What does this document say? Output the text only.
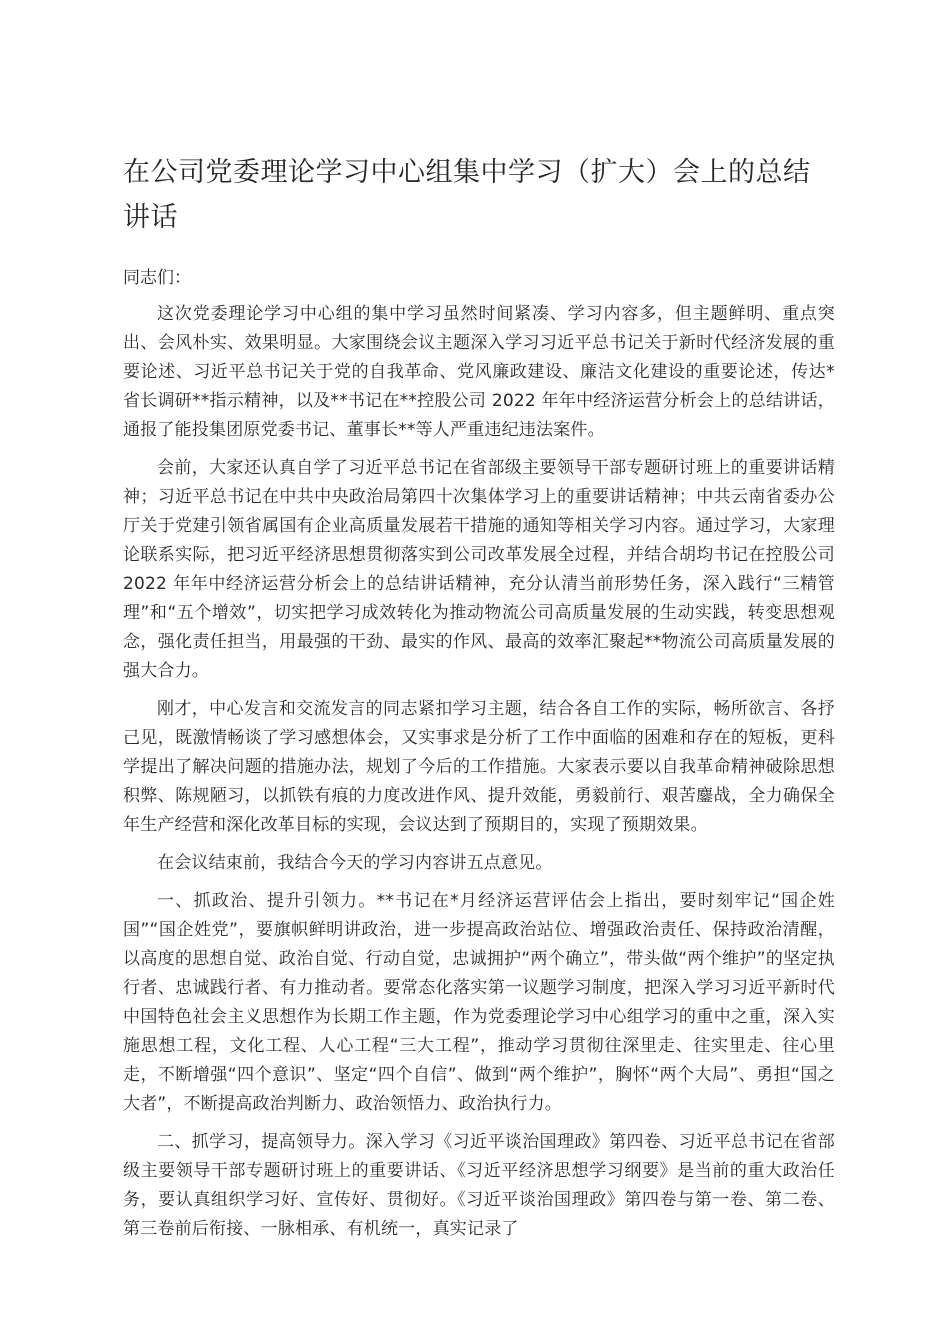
在公司党委理论学习中心组集中学习（扩大）会上的总结讲话

同志们：

这次党委理论学习中心组的集中学习虽然时间紧凑、学习内容多，但主题鲜明、重点突出、会风朴实、效果明显。大家围绕会议主题深入学习习近平总书记关于新时代经济发展的重要论述、习近平总书记关于党的自我革命、党风廉政建设、廉洁文化建设的重要论述，传达*省长调研**指示精神，以及**书记在**控股公司 2022 年年中经济运营分析会上的总结讲话，通报了能投集团原党委书记、董事长**等人严重违纪违法案件。

会前，大家还认真自学了习近平总书记在省部级主要领导干部专题研讨班上的重要讲话精神；习近平总书记在中共中央政治局第四十次集体学习上的重要讲话精神；中共云南省委办公厅关于党建引领省属国有企业高质量发展若干措施的通知等相关学习内容。通过学习，大家理论联系实际，把习近平经济思想贯彻落实到公司改革发展全过程，并结合胡均书记在控股公司 2022 年年中经济运营分析会上的总结讲话精神，充分认清当前形势任务，深入践行“三精管理”和“五个增效”，切实把学习成效转化为推动物流公司高质量发展的生动实践，转变思想观念，强化责任担当，用最强的干劲、最实的作风、最高的效率汇聚起**物流公司高质量发展的强大合力。

刚才，中心发言和交流发言的同志紧扣学习主题，结合各自工作的实际，畅所欲言、各抒己见，既激情畅谈了学习感想体会，又实事求是分析了工作中面临的困难和存在的短板，更科学提出了解决问题的措施办法，规划了今后的工作措施。大家表示要以自我革命精神破除思想积弊、陈规陋习，以抓铁有痕的力度改进作风、提升效能，勇毅前行、艰苦鏖战，全力确保全年生产经营和深化改革目标的实现，会议达到了预期目的，实现了预期效果。

在会议结束前，我结合今天的学习内容讲五点意见。

一、抓政治、提升引领力。**书记在*月经济运营评估会上指出，要时刻牢记“国企姓国”“国企姓党”，要旗帜鲜明讲政治，进一步提高政治站位、增强政治责任、保持政治清醒，以高度的思想自觉、政治自觉、行动自觉，忠诚拥护“两个确立”，带头做“两个维护”的坚定执行者、忠诚践行者、有力推动者。要常态化落实第一议题学习制度，把深入学习习近平新时代中国特色社会主义思想作为长期工作主题，作为党委理论学习中心组学习的重中之重，深入实施思想工程，文化工程、人心工程“三大工程”，推动学习贯彻往深里走、往实里走、往心里走，不断增强“四个意识”、坚定“四个自信”、做到“两个维护”，胸怀“两个大局”、勇担“国之大者”，不断提高政治判断力、政治领悟力、政治执行力。

二、抓学习，提高领导力。深入学习《习近平谈治国理政》第四卷、习近平总书记在省部级主要领导干部专题研讨班上的重要讲话、《习近平经济思想学习纲要》是当前的重大政治任务，要认真组织学习好、宣传好、贯彻好。《习近平谈治国理政》第四卷与第一卷、第二卷、第三卷前后衔接、一脉相承、有机统一，真实记录了
